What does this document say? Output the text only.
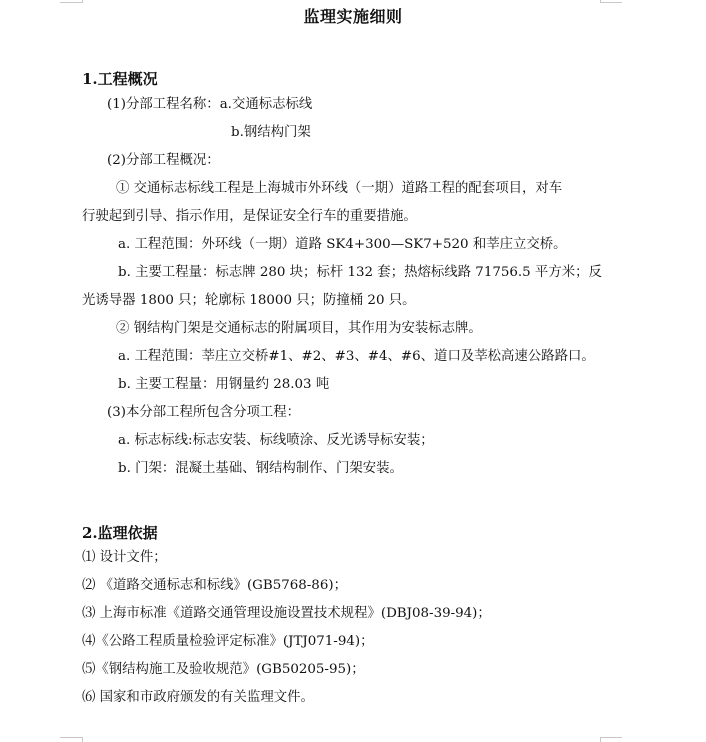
监理实施细则
1.工程概况
(1)分部工程名称：a.交通标志标线
b.钢结构门架
(2)分部工程概况：
① 交通标志标线工程是上海城市外环线（一期）道路工程的配套项目，对车
行驶起到引导、指示作用，是保证安全行车的重要措施。
a. 工程范围：外环线（一期）道路 SK4+300—SK7+520 和莘庄立交桥。
b. 主要工程量：标志牌 280 块；标杆 132 套；热熔标线路 71756.5 平方米；反
光诱导器 1800 只；轮廓标 18000 只；防撞桶 20 只。
② 钢结构门架是交通标志的附属项目，其作用为安装标志牌。
a. 工程范围：莘庄立交桥#1、#2、#3、#4、#6、道口及莘松高速公路路口。
b. 主要工程量：用钢量约 28.03 吨
(3)本分部工程所包含分项工程：
a. 标志标线:标志安装、标线喷涂、反光诱导标安装；
b. 门架：混凝土基础、钢结构制作、门架安装。
2.监理依据
⑴ 设计文件；
⑵ 《道路交通标志和标线》(GB5768-86)；
⑶ 上海市标准《道路交通管理设施设置技术规程》(DBJ08-39-94)；
⑷《公路工程质量检验评定标准》(JTJ071-94)；
⑸《钢结构施工及验收规范》(GB50205-95)；
⑹ 国家和市政府颁发的有关监理文件。
